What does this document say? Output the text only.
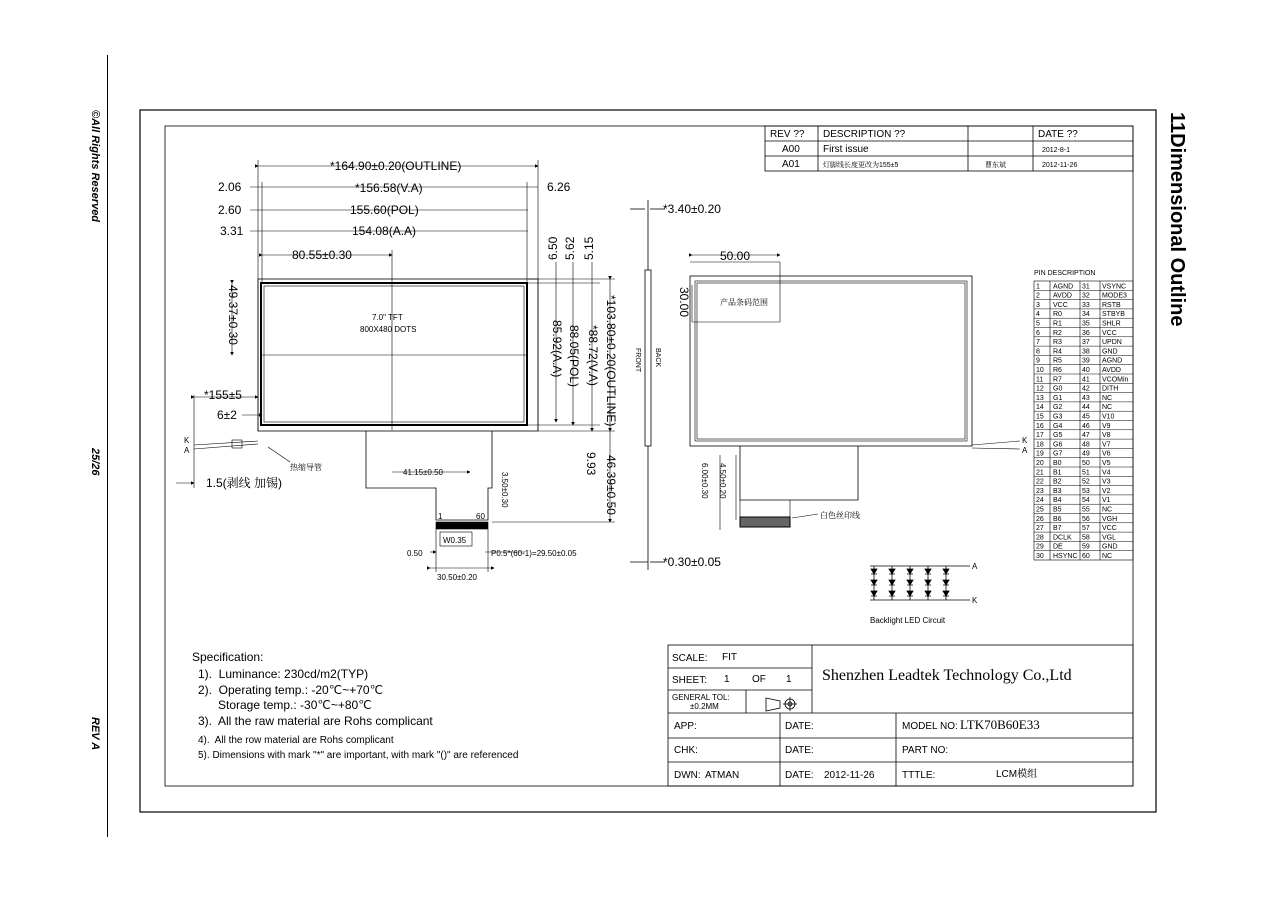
©All Rights Reserved
25/26
REV A
11Dimensional Outline
REV ?? DESCRIPTION ??	DATE ??
A00 First issue	2012-8-1
A01	灯脚线长度更改为155±5	曹东斌	2012-11-26
7.0" TFT
800X480 DOTS
*164.90±0.20(OUTLINE)
*156.58(V.A)
155.60(POL)
154.08(A.A)
2.06
2.60
3.31
6.26
80.55±0.30	6.50 5.62 5.15
85.92(A.A) 88.05(POL) *88.72(V.A) *103.80±0.20(OUTLINE)
9.93 46.39±0.50
49.37±0.30
K
A
*155±5
6±2
1.5(剥线 加锡)
热缩导管
41.15±0.50	3.50±0.30
1	60
W0.35
P0.5*(60-1)=29.50±0.05
0.50
30.50±0.20
*3.40±0.20
*0.30±0.05
FRONT BACK
50.00
30.00	产品条码范围
6.00±0.30 4.50±0.20
白色丝印线
K
A
PIN DESCRIPTION
1 AGND 31 VSYNC
2 AVDD 32 MODE3
3 VCC 33 RSTB
4 R0	34 STBYB
5 R1	35 SHLR
6 R2	36 VCC
7 R3	37 UPDN
8 R4	38 GND
9 R5	39 AGND
10 R6	40 AVDD
11 R7	41 VCOMin
12 G0	42 DITH
13 G1	43 NC
14 G2	44 NC
15 G3	45 V10
16 G4	46 V9
17 G5	47 V8
18 G6	48 V7
19 G7	49 V6
20 B0	50 V5
21 B1	51 V4
22 B2	52 V3
23 B3	53 V2
24 B4	54 V1
25 B5	55 NC
26 B6	56 VGH
27 B7	57 VCC
28 DCLK 58 VGL
29 DE	59 GND
30 HSYNC 60 NC
A
K
Backlight LED Circuit
Specification:
1).  Luminance: 230cd/m2(TYP)
2).  Operating temp.: -20℃~+70℃
Storage temp.: -30℃~+80℃
3).  All the raw material are Rohs complicant
4).  All the row material are Rohs complicant
5). Dimensions with mark "*" are important, with mark "()" are referenced
SCALE: FIT
SHEET: 1 OF 1
GENERAL TOL:
±0.2MM
Shenzhen Leadtek Technology Co.,Ltd
APP:
CHK:
DWN: ATMAN
DATE:
DATE:
DATE: 2012-11-26
MODEL NO: LTK70B60E33
PART NO:
TTTLE:	LCM模组
